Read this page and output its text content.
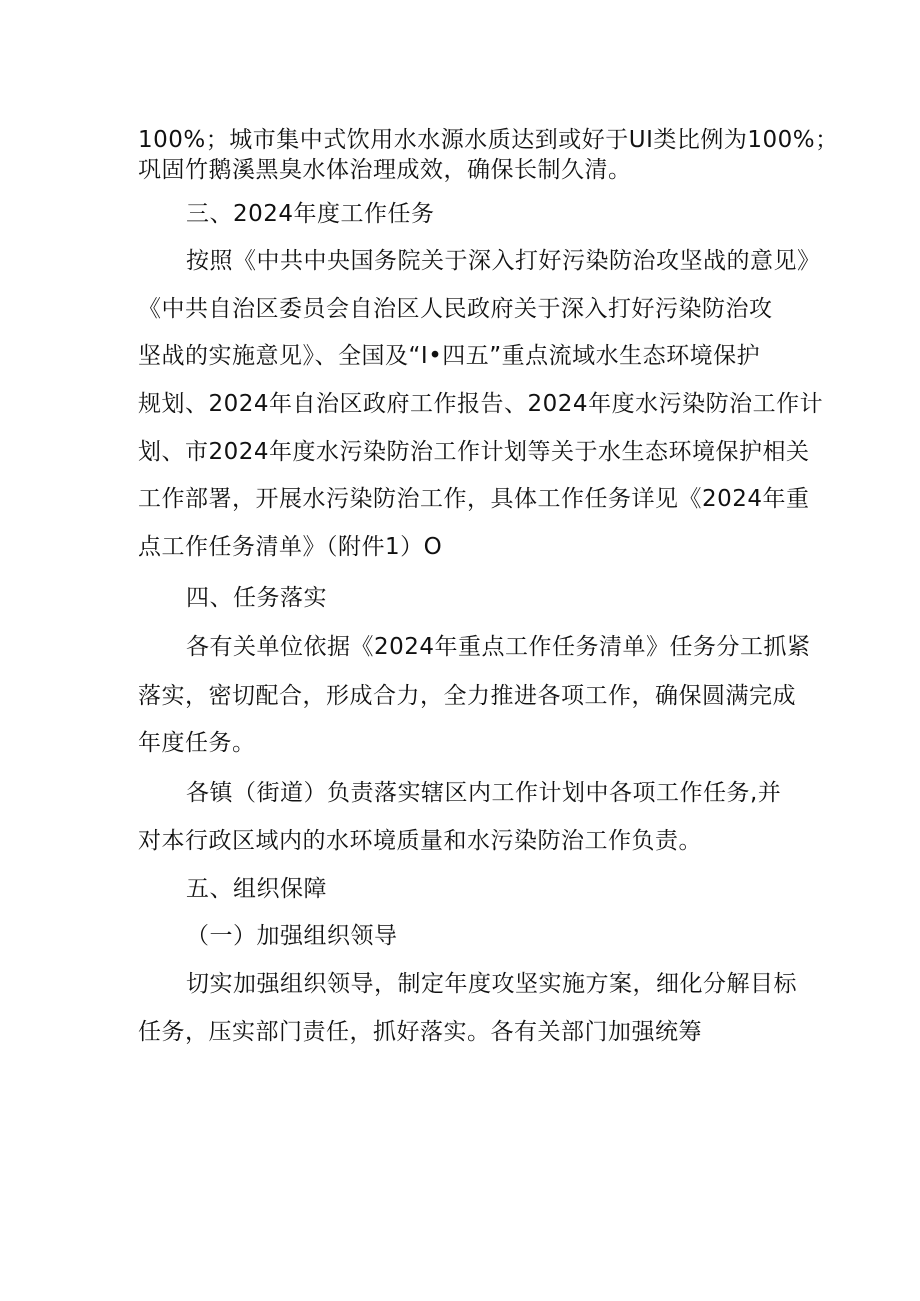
100%；城市集中式饮用水水源水质达到或好于UI类比例为100%；
巩固竹鹅溪黑臭水体治理成效，确保长制久清。
三、2024年度工作任务
按照《中共中央国务院关于深入打好污染防治攻坚战的意见》
《中共自治区委员会自治区人民政府关于深入打好污染防治攻
坚战的实施意见》、全国及“I•四五”重点流域水生态环境保护
规划、2024年自治区政府工作报告、2024年度水污染防治工作计
划、市2024年度水污染防治工作计划等关于水生态环境保护相关
工作部署，开展水污染防治工作，具体工作任务详见《2024年重
点工作任务清单》（附件1）O
四、任务落实
各有关单位依据《2024年重点工作任务清单》任务分工抓紧
落实，密切配合，形成合力，全力推进各项工作，确保圆满完成
年度任务。
各镇（街道）负责落实辖区内工作计划中各项工作任务,并
对本行政区域内的水环境质量和水污染防治工作负责。
五、组织保障
（一）加强组织领导
切实加强组织领导，制定年度攻坚实施方案，细化分解目标
任务，压实部门责任，抓好落实。各有关部门加强统筹
